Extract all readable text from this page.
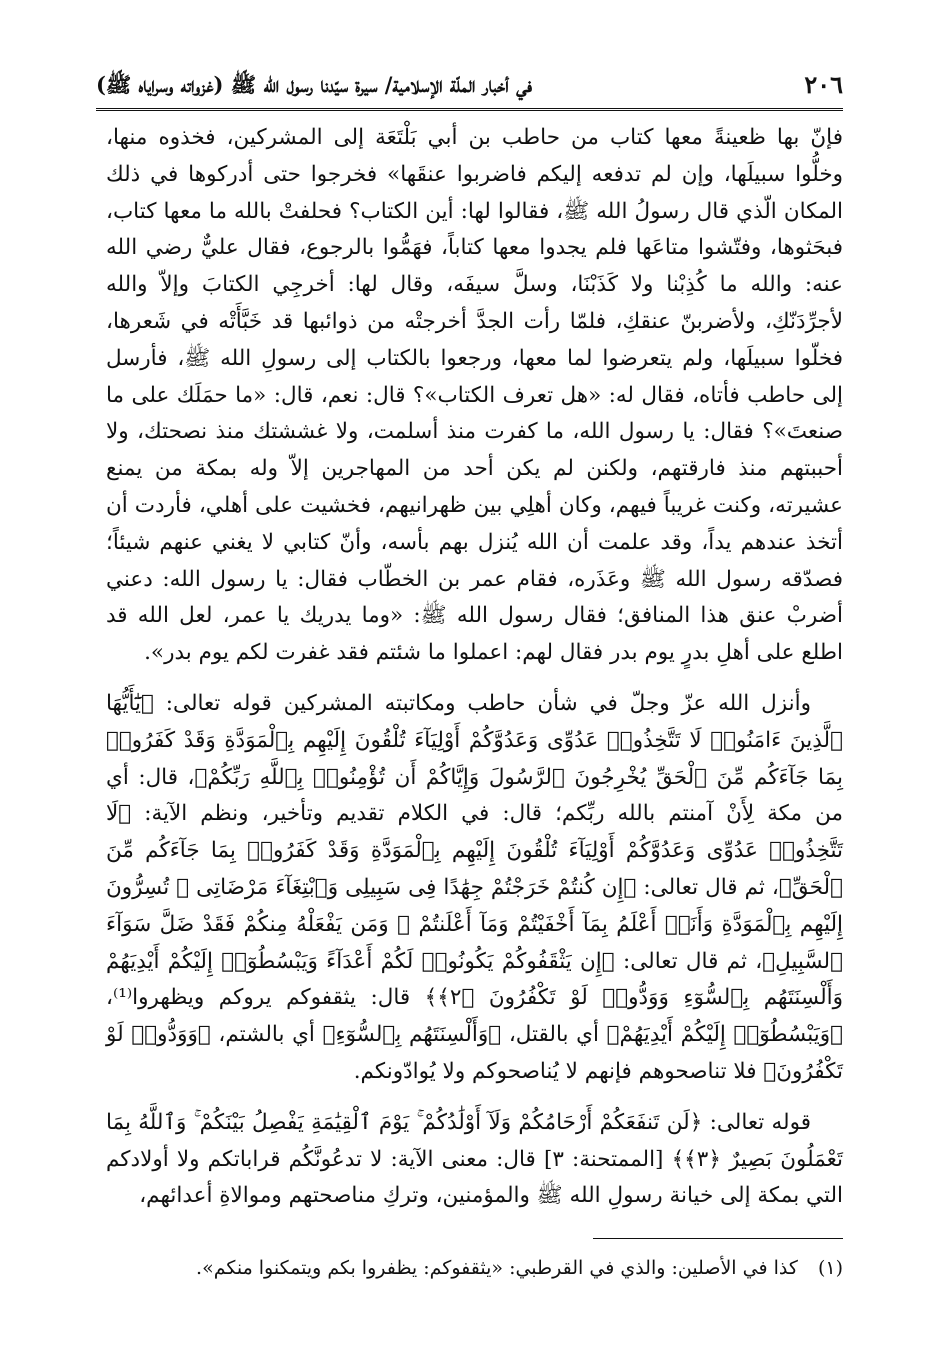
٢٠٦
في أخبار الملّة الإسلامية/ سيرة سيّدنا رسول الله ﷺ (غزواته وسراياه ﷺ)

فإنّ بها ظعينةً معها كتاب من حاطب بن أبي بَلْتَعَة إلى المشركين، فخذوه منها، وخلُّوا سبيلَها، وإن لم تدفعه إليكم فاضربوا عنقَها» فخرجوا حتى أدركوها في ذلك المكان الّذي قال رسولُ الله ﷺ، فقالوا لها: أين الكتاب؟ فحلفتْ بالله ما معها كتاب، فبحَثوها، وفتّشوا متاعَها فلم يجدوا معها كتاباً، فهَمُّوا بالرجوع، فقال عليٌّ رضي الله عنه: والله ما كُذِبْنا ولا كَذَبْنَا، وسلَّ سيفَه، وقال لها: أخرجِي الكتابَ وإلاّ والله لأجرِّدَنّكِ، ولأضربنّ عنقكِ، فلمّا رأت الجدَّ أخرجتْه من ذوائبها قد خَبَّأَتْه في شَعرها، فخلّوا سبيلَها، ولم يتعرضوا لما معها، ورجعوا بالكتاب إلى رسولِ الله ﷺ، فأرسل إلى حاطب فأتاه، فقال له: «هل تعرف الكتاب»؟ قال: نعم، قال: «ما حمَلَك على ما صنعتَ»؟ فقال: يا رسول الله، ما كفرت منذ أسلمت، ولا غششتك منذ نصحتك، ولا أحببتهم منذ فارقتهم، ولكنن لم يكن أحد من المهاجرين إلاّ وله بمكة من يمنع عشيرته، وكنت غريباً فيهم، وكان أهلِي بين ظهرانيهم، فخشيت على أهلي، فأردت أن أتخذ عندهم يداً، وقد علمت أن الله يُنزل بهم بأسه، وأنّ كتابي لا يغني عنهم شيئاً؛ فصدّقه رسول الله ﷺ وعَذَره، فقام عمر بن الخطّاب فقال: يا رسول الله: دعني أضربْ عنق هذا المنافق؛ فقال رسول الله ﷺ: «وما يدريك يا عمر، لعل الله قد اطلع على أهلِ بدرٍ يوم بدر فقال لهم: اعملوا ما شئتم فقد غفرت لكم يوم بدر».

وأنزل الله عزّ وجلّ في شأن حاطب ومكاتبته المشركين قوله تعالى: ﴿يَٰٓأَيُّهَا ٱلَّذِينَ ءَامَنُوا۟ لَا تَتَّخِذُوا۟ عَدُوِّى وَعَدُوَّكُمْ أَوْلِيَآءَ تُلْقُونَ إِلَيْهِم بِٱلْمَوَدَّةِ وَقَدْ كَفَرُوا۟ بِمَا جَآءَكُم مِّنَ ٱلْحَقِّ يُخْرِجُونَ ٱلرَّسُولَ وَإِيَّاكُمْ أَن تُؤْمِنُوا۟ بِٱللَّهِ رَبِّكُمْ﴾، قال: أي من مكة لِأَنْ آمنتم بالله ربِّكم؛ قال: في الكلام تقديم وتأخير، ونظم الآية: ﴿لَا تَتَّخِذُوا۟ عَدُوِّى وَعَدُوَّكُمْ أَوْلِيَآءَ تُلْقُونَ إِلَيْهِم بِٱلْمَوَدَّةِ وَقَدْ كَفَرُوا۟ بِمَا جَآءَكُم مِّنَ ٱلْحَقِّ﴾، ثم قال تعالى: ﴿إِن كُنتُمْ خَرَجْتُمْ جِهَٰدًا فِى سَبِيلِى وَٱبْتِغَآءَ مَرْضَاتِى ۚ تُسِرُّونَ إِلَيْهِم بِٱلْمَوَدَّةِ وَأَنَا۠ أَعْلَمُ بِمَآ أَخْفَيْتُمْ وَمَآ أَعْلَنتُمْ ۚ وَمَن يَفْعَلْهُ مِنكُمْ فَقَدْ ضَلَّ سَوَآءَ ٱلسَّبِيلِ﴾، ثم قال تعالى: ﴿إِن يَثْقَفُوكُمْ يَكُونُوا۟ لَكُمْ أَعْدَآءً وَيَبْسُطُوٓا۟ إِلَيْكُمْ أَيْدِيَهُمْ وَأَلْسِنَتَهُم بِٱلسُّوٓءِ وَوَدُّوا۟ لَوْ تَكْفُرُونَ ﴿٢﴾﴾ قال: يثقفوكم يروكم ويظهروا⁽¹⁾، ﴿وَيَبْسُطُوٓا۟ إِلَيْكُمْ أَيْدِيَهُمْ﴾ أي بالقتل، ﴿وَأَلْسِنَتَهُم بِٱلسُّوٓءِ﴾ أي بالشتم، ﴿وَوَدُّوا۟ لَوْ تَكْفُرُونَ﴾ فلا تناصحوهم فإنهم لا يُناصحوكم ولا يُوادّونكم.

قوله تعالى: ﴿لَن تَنفَعَكُمْ أَرْحَامُكُمْ وَلَآ أَوْلَٰدُكُمْ ۚ يَوْمَ ٱلْقِيَٰمَةِ يَفْصِلُ بَيْنَكُمْ ۚ وَٱللَّهُ بِمَا تَعْمَلُونَ بَصِيرٌ ﴿٣﴾﴾ [الممتحنة: ٣] قال: معنى الآية: لا تدعُونَّكُم قراباتكم ولا أولادكم التي بمكة إلى خيانة رسولِ الله ﷺ والمؤمنين، وتركِ مناصحتهم وموالاةِ أعدائهم،

(١) كذا في الأصلين: والذي في القرطبي: «يثقفوكم: يظفروا بكم ويتمكنوا منكم».
